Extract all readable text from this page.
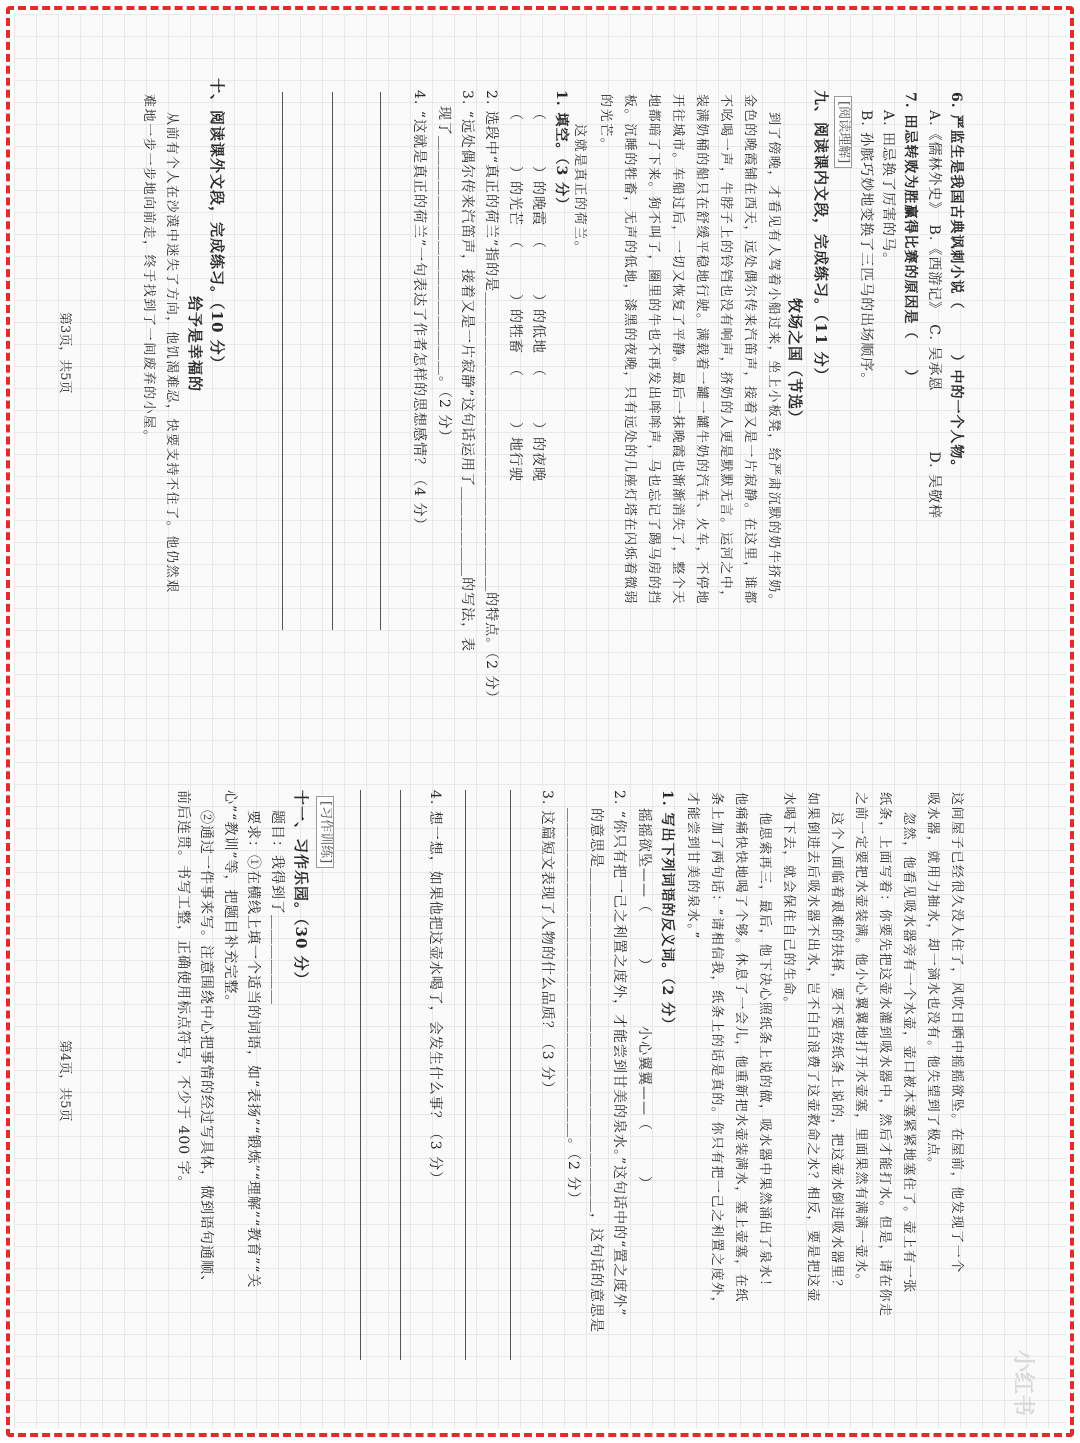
6. 严监生是我国古典讽刺小说（　　　）中的一个人物。
A.《儒林外史》　B.《西游记》　C. 吴承恩　　　　D. 吴敬梓
7. 田忌转败为胜赢得比赛的原因是（　　）
A. 田忌换了厉害的马。
B. 孙膑巧妙地变换了三匹马的出场顺序。
[阅读理解]
九、阅读课内文段，完成练习。（11 分）
牧场之国（节选）
到了傍晚，才看见有人驾着小船过来，坐上小板凳，给严肃沉默的奶牛挤奶。
金色的晚霞铺在西天，远处偶尔传来汽笛声，接着又是一片寂静。在这里，谁都
不吆喝一声，牛脖子上的铃铛也没有响声，挤奶的人更是默默无言。运河之中，
装满奶桶的船只在舒缓平稳地行驶。满载着一罐一罐牛奶的汽车、火车，不停地
开往城市。车船过后，一切又恢复了平静。最后一抹晚霞也渐渐消失了，整个天
地都暗了下来。狗不叫了，圈里的牛也不再发出哞哞声，马也忘记了踢马房的挡
板。沉睡的牲畜，无声的低地，漆黑的夜晚，只有远处的几座灯塔在闪烁着微弱
的光芒。
这就是真正的荷兰。
1. 填空。（3 分）
（　　　）的晚霞　（　　　）的低地　（　　　）的夜晚
（　　　）的光芒　（　　　）的牲畜　（　　　）地行驶
2. 选段中“真正的荷兰”指的是＿＿＿＿＿＿＿＿＿＿＿＿＿＿＿＿＿＿＿＿的特点。（2 分）
3. “远处偶尔传来汽笛声，接着又是一片寂静”这句话运用了＿＿＿＿＿＿的写法，表
现了＿＿＿＿＿＿＿＿＿＿＿＿＿＿＿＿。（2 分）
4. “这就是真正的荷兰”一句表达了作者怎样的思想感情？（4 分）
十、阅读课外文段，完成练习。（10 分）
给予是幸福的
从前有个人在沙漠中迷失了方向，他饥渴难忍，快要支持不住了。他仍然艰
难地一步一步地向前走，终于找到了一间废弃的小屋。
第3页，共5页
这间屋子已经很久没人住了，风吹日晒中摇摇欲坠。在屋前，他发现了一个
吸水器，就用力抽水，却一滴水也没有。他失望到了极点。
忽然，他看见吸水器旁有一个水壶，壶口被木塞紧紧地塞住了。壶上有一张
纸条，上面写着：你要先把这壶水灌到吸水器中，然后才能打水。但是，请在你走
之前一定要把水壶装满。他小心翼翼地打开水壶塞，里面果然有满满一壶水。
这个人面临着艰难的抉择，要不要按纸条上说的，把这壶水倒进吸水器里？
如果倒进去后吸水器不出水，岂不白白浪费了这壶救命之水？相反，要是把这壶
水喝下去，就会保住自己的生命。
他思索再三，最后，他下决心照纸条上说的做，吸水器中果然涌出了泉水！
他痛痛快快地喝了个够。休息了一会儿，他重新把水壶装满水，塞上壶塞，在纸
条上加了两句话：“请相信我，纸条上的话是真的。你只有把一己之利置之度外，
才能尝到甘美的泉水。”
1. 写出下列词语的反义词。（2 分）
摇摇欲坠——（　　　）　　　　小心翼翼——（　　　）
2. “你只有把一己之利置之度外，才能尝到甘美的泉水。”这句话中的“置之度外”
的意思是＿＿＿＿＿＿＿＿＿＿＿＿＿＿＿＿＿＿＿＿＿＿＿，这句话的意思是
＿＿＿＿＿＿＿＿＿＿＿＿＿＿＿＿＿＿＿＿＿＿。（2 分）
3. 这篇短文表现了人物的什么品质？（3 分）
4. 想一想，如果他把这壶水喝了，会发生什么事？（3 分）
[习作训练]
十一、习作乐园。（30 分）
题目：我得到了＿＿＿＿＿＿
要求：①在横线上填一个适当的词语，如“表扬”“锻炼”“理解”“教育”“关
心”“教训”等，把题目补充完整。
②通过一件事来写。注意围绕中心把事情的经过写具体，做到语句通顺、
前后连贯。书写工整，正确使用标点符号，不少于 400 字。
第4页，共5页
小红书
